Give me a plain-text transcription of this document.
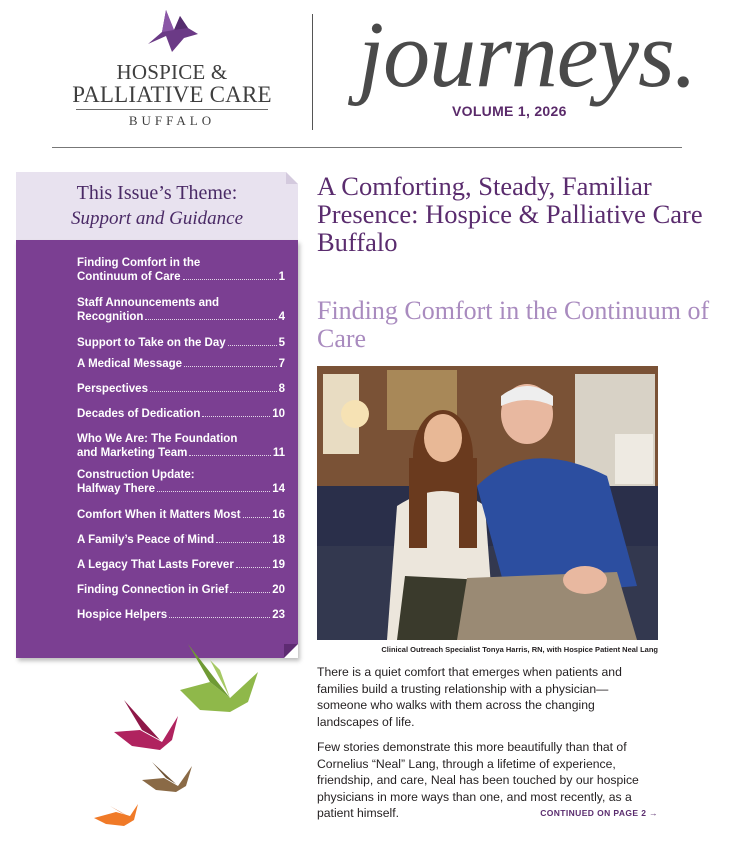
HOSPICE &
PALLIATIVE CARE
BUFFALO
journeys.
VOLUME 1, 2026
This Issue’s Theme:
Support and Guidance
Finding Comfort in the
Continuum of Care	1
Staff Announcements and
Recognition	4
Support to Take on the Day	5
A Medical Message	7
Perspectives	8
Decades of Dedication	10
Who We Are: The Foundation
and Marketing Team	11
Construction Update:
Halfway There	14
Comfort When it Matters Most	16
A Family’s Peace of Mind	18
A Legacy That Lasts Forever	19
Finding Connection in Grief	20
Hospice Helpers	23
A Comforting, Steady, Familiar Presence: Hospice & Palliative Care Buffalo
Finding Comfort in the Continuum of Care
Clinical Outreach Specialist Tonya Harris, RN, with Hospice Patient Neal Lang
There is a quiet comfort that emerges when patients and families build a trusting relationship with a physician—someone who walks with them across the changing landscapes of life.
Few stories demonstrate this more beautifully than that of Cornelius “Neal” Lang, through a lifetime of experience, friendship, and care, Neal has been touched by our hospice physicians in more ways than one, and most recently, as a patient himself.	CONTINUED ON PAGE 2 →
